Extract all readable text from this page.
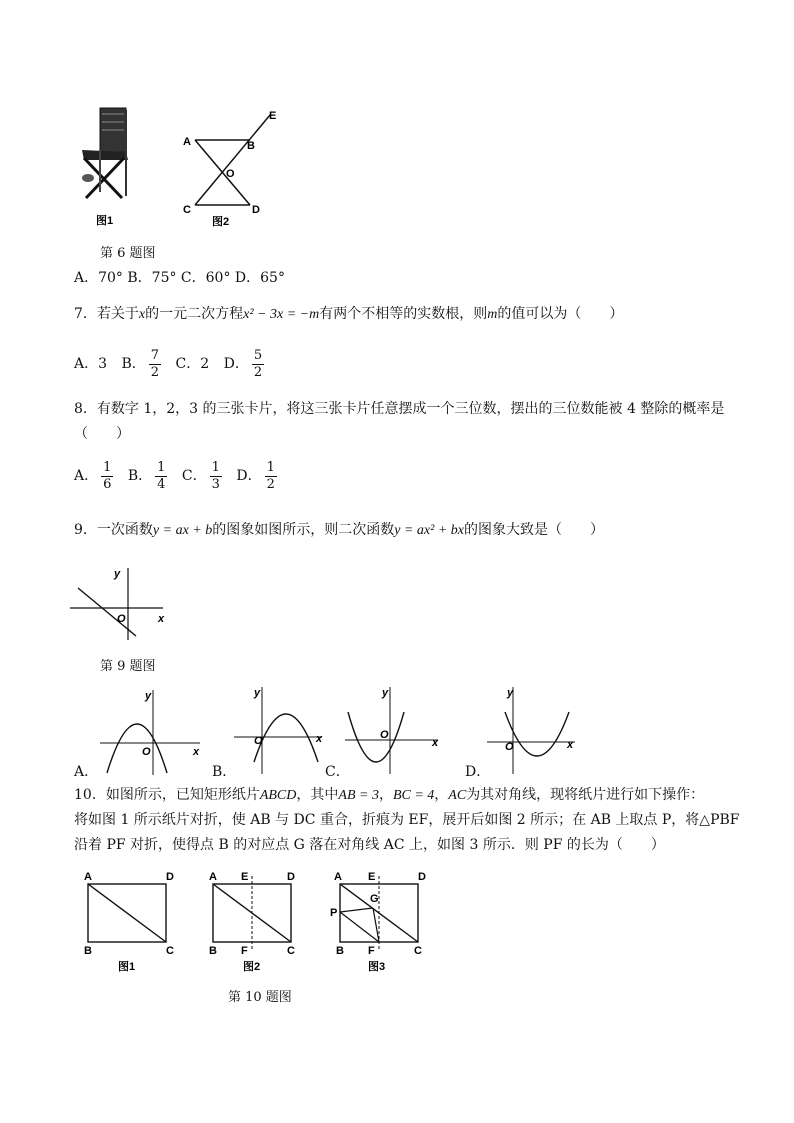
图1
A	B
C	D
E
O
图2
第 6 题图
A．70° B．75° C．60° D．65°
7．若关于x的一元二次方程x² − 3x = −m有两个不相等的实数根，则m的值可以为（　　）
A．3 B． $\frac{7}{2}$ C．2 D． $\frac{5}{2}$
8．有数字 1，2，3 的三张卡片，将这三张卡片任意摆成一个三位数，摆出的三位数能被 4 整除的概率是
（　　）
A． $\frac{1}{6}$ B． $\frac{1}{4}$ C． $\frac{1}{3}$ D． $\frac{1}{2}$
9．一次函数y = ax + b的图象如图所示，则二次函数y = ax² + bx的图象大致是（　　）
y
x
O
第 9 题图
y
x
O
y
x
O
y
x
O
y
x
O
A．	B．	C．	D．
10．如图所示，已知矩形纸片ABCD，其中AB = 3，BC = 4，AC为其对角线，现将纸片进行如下操作：
将如图 1 所示纸片对折，使 AB 与 DC 重合，折痕为 EF，展开后如图 2 所示；在 AB 上取点 P，将△PBF
沿着 PF 对折，使得点 B 的对应点 G 落在对角线 AC 上，如图 3 所示．则 PF 的长为（　　）
A	D
B	C
图1
A E	D
B F	C
图2
A E	D
P
G
B F	C
图3
第 10 题图
